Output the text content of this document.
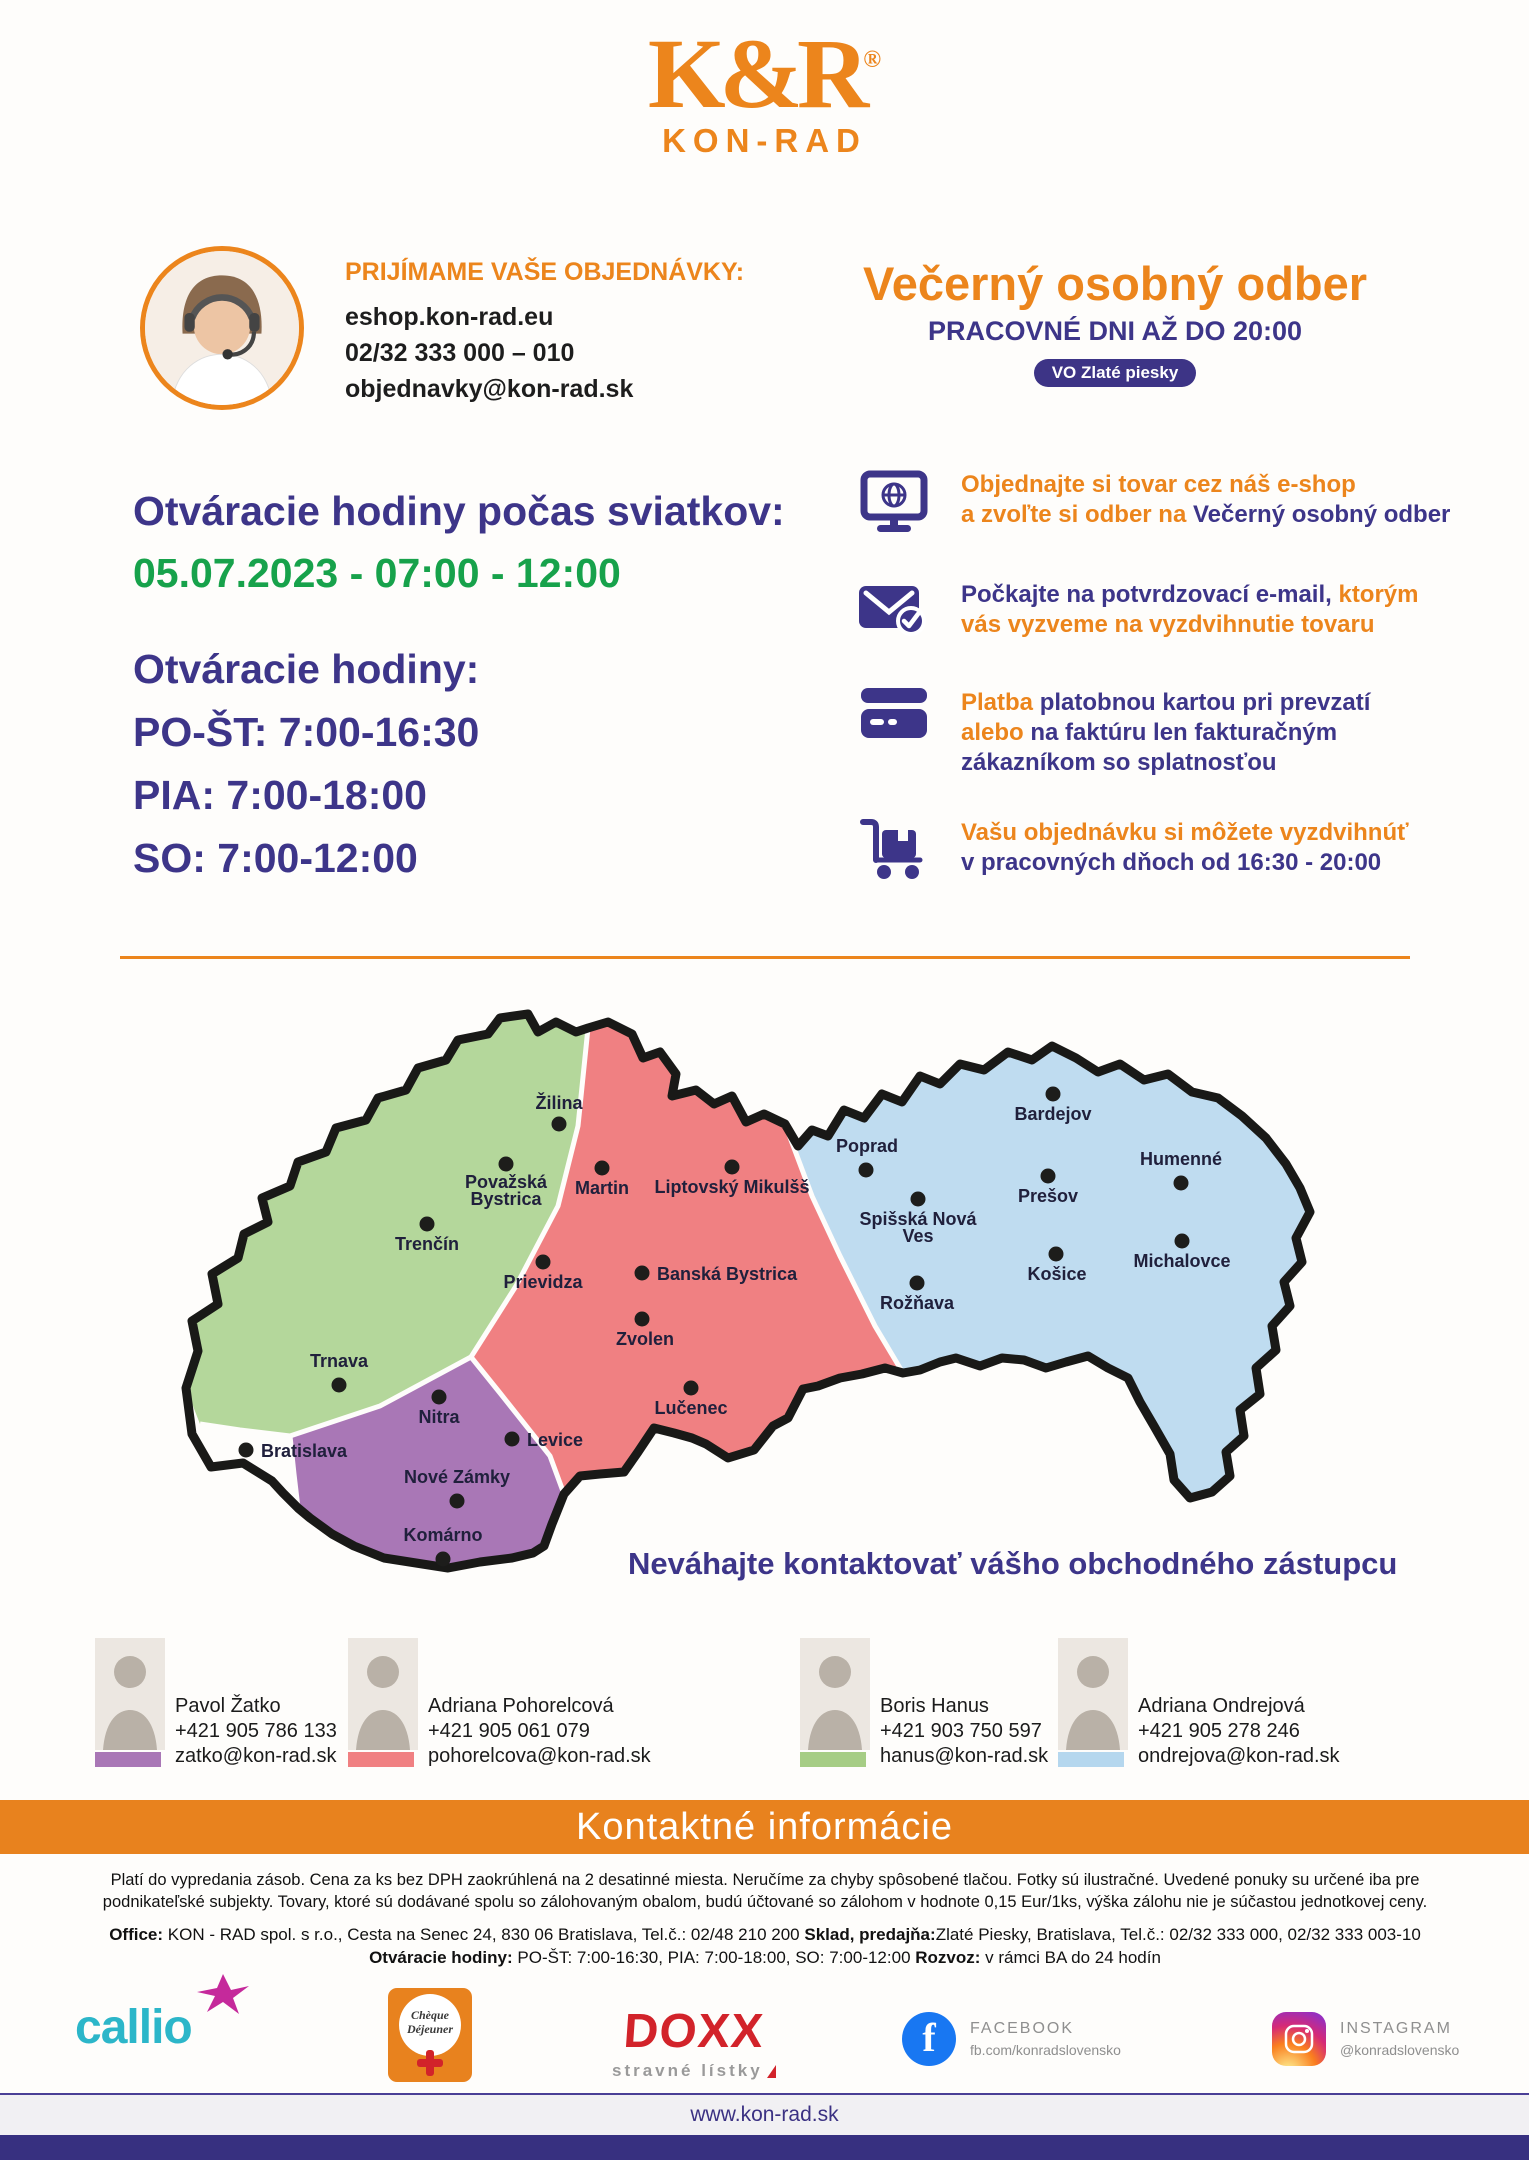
K&R®
KON-RAD
PRIJÍMAME VAŠE OBJEDNÁVKY:
eshop.kon-rad.eu
02/32 333 000 – 010
objednavky@kon-rad.sk
Večerný osobný odber
PRACOVNÉ DNI AŽ DO 20:00
VO Zlaté piesky
Otváracie hodiny počas sviatkov:
05.07.2023 - 07:00 - 12:00
Otváracie hodiny:
PO-ŠT: 7:00-16:30
PIA: 7:00-18:00
SO: 7:00-12:00
Objednajte si tovar cez náš e-shop
a zvoľte si odber na Večerný osobný odber
Počkajte na potvrdzovací e-mail, ktorým
vás vyzveme na vyzdvihnutie tovaru
Platba platobnou kartou pri prevzatí
alebo na faktúru len fakturačným
zákazníkom so splatnosťou
Vašu objednávku si môžete vyzdvihnúť
v pracovných dňoch od 16:30 - 20:00
Žilina
Považská
Bystrica
Martin Liptovský Mikulšš
Trenčín
Prievidza	Banská Bystrica
Zvolen
Lučenec
Poprad
Spišská Nová
Ves
Rožňava
Bardejov
Prešov
Košice
Humenné
Michalovce
Trnava
Bratislava
Nitra
Levice
Nové Zámky
Komárno
Neváhajte kontaktovať vášho obchodného zástupcu
Pavol Žatko
+421 905 786 133
zatko@kon-rad.sk
Adriana Pohorelcová
+421 905 061 079
pohorelcova@kon-rad.sk
Boris Hanus
+421 903 750 597
hanus@kon-rad.sk
Adriana Ondrejová
+421 905 278 246
ondrejova@kon-rad.sk
Kontaktné informácie
Platí do vypredania zásob. Cena za ks bez DPH zaokrúhlená na 2 desatinné miesta. Neručíme za chyby spôsobené tlačou. Fotky sú ilustračné. Uvedené ponuky su určené iba pre
podnikateľské subjekty. Tovary, ktoré sú dodávané spolu so zálohovaným obalom, budú účtované so zálohom v hodnote 0,15 Eur/1ks, výška zálohu nie je súčastou jednotkovej ceny.
Office: KON - RAD spol. s r.o., Cesta na Senec 24, 830 06 Bratislava, Tel.č.: 02/48 210 200 Sklad, predajňa:Zlaté Piesky, Bratislava, Tel.č.: 02/32 333 000, 02/32 333 003-10
Otváracie hodiny: PO-ŠT: 7:00-16:30, PIA: 7:00-18:00, SO: 7:00-12:00 Rozvoz: v rámci BA do 24 hodín
callio	Chèque
Déjeuner	DOXX
stravné lístky
f	FACEBOOK
fb.com/konradslovensko
INSTAGRAM
@konradslovensko
www.kon-rad.sk
